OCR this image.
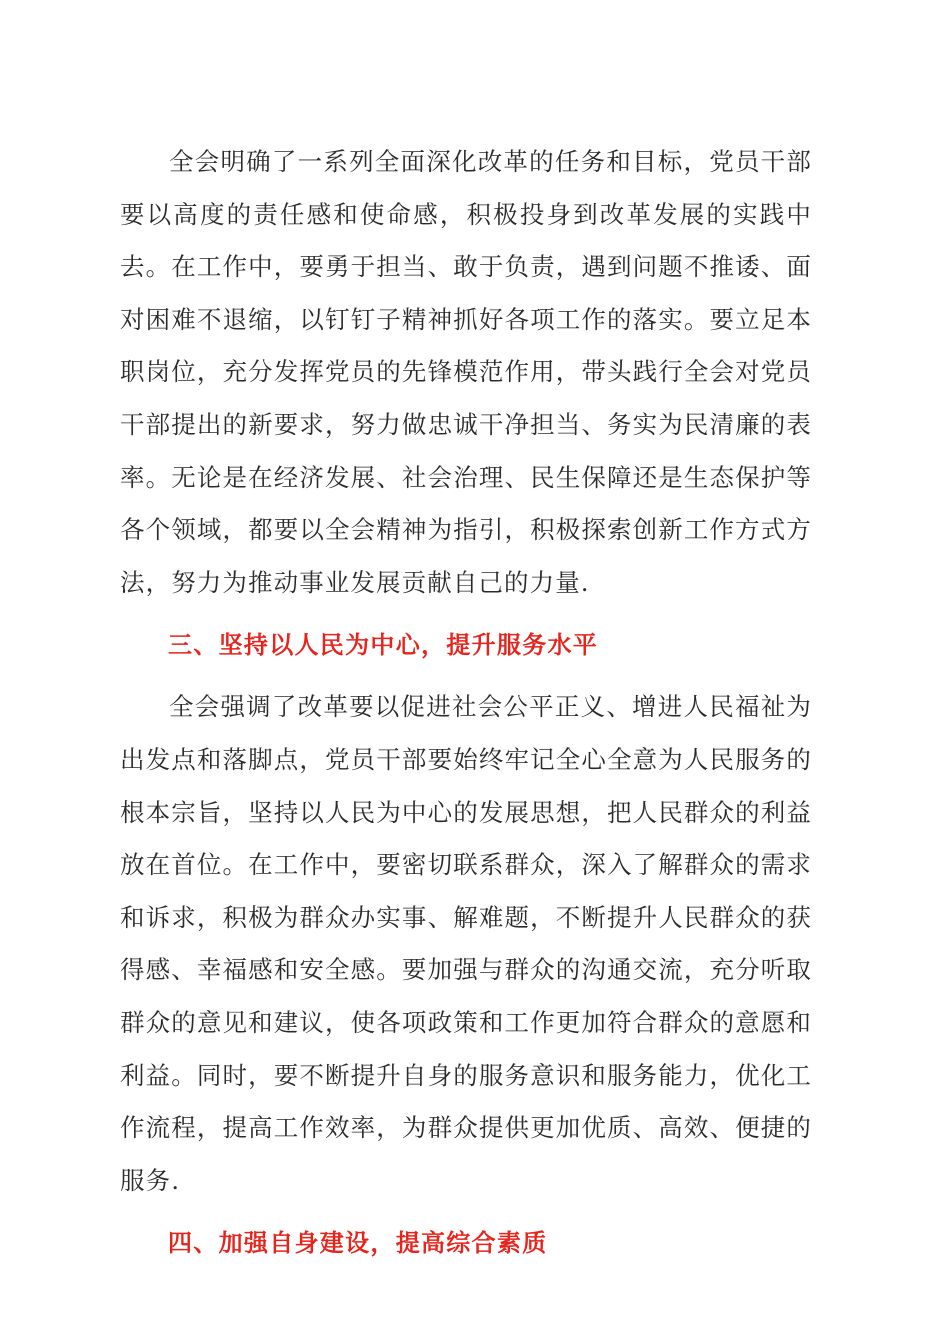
全会明确了一系列全面深化改革的任务和目标，党员干部要以高度的责任感和使命感，积极投身到改革发展的实践中去。在工作中，要勇于担当、敢于负责，遇到问题不推诿、面对困难不退缩，以钉钉子精神抓好各项工作的落实。要立足本职岗位，充分发挥党员的先锋模范作用，带头践行全会对党员干部提出的新要求，努力做忠诚干净担当、务实为民清廉的表率。无论是在经济发展、社会治理、民生保障还是生态保护等各个领域，都要以全会精神为指引，积极探索创新工作方式方法，努力为推动事业发展贡献自己的力量.

三、坚持以人民为中心，提升服务水平

全会强调了改革要以促进社会公平正义、增进人民福祉为出发点和落脚点，党员干部要始终牢记全心全意为人民服务的根本宗旨，坚持以人民为中心的发展思想，把人民群众的利益放在首位。在工作中，要密切联系群众，深入了解群众的需求和诉求，积极为群众办实事、解难题，不断提升人民群众的获得感、幸福感和安全感。要加强与群众的沟通交流，充分听取群众的意见和建议，使各项政策和工作更加符合群众的意愿和利益。同时，要不断提升自身的服务意识和服务能力，优化工作流程，提高工作效率，为群众提供更加优质、高效、便捷的服务.

四、加强自身建设，提高综合素质
